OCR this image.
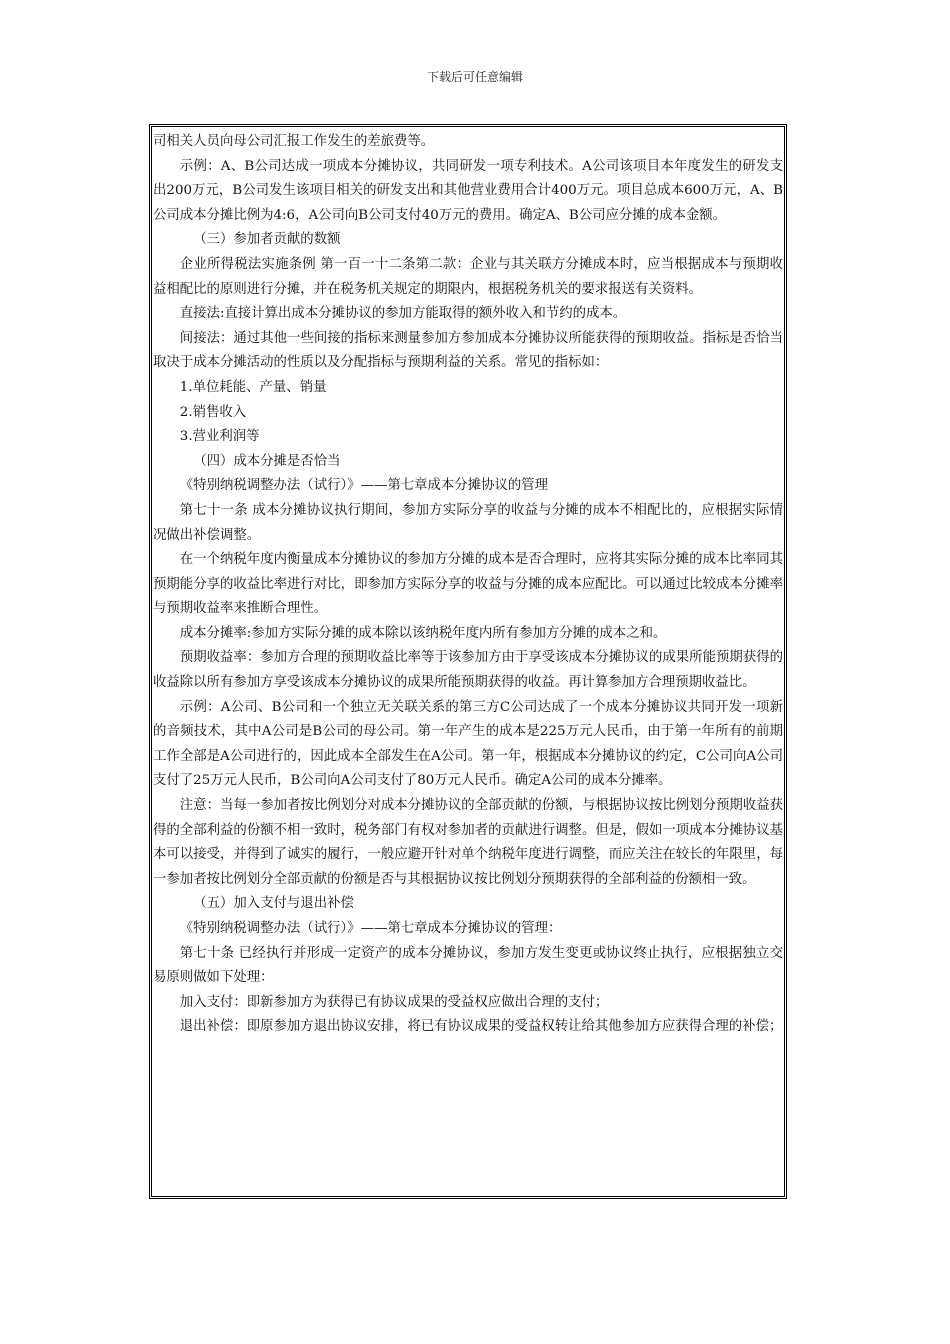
下载后可任意编辑

司相关人员向母公司汇报工作发生的差旅费等。

示例：A、B公司达成一项成本分摊协议，共同研发一项专利技术。A公司该项目本年度发生的研发支出200万元，B公司发生该项目相关的研发支出和其他营业费用合计400万元。项目总成本600万元，A、B公司成本分摊比例为4:6，A公司向B公司支付40万元的费用。确定A、B公司应分摊的成本金额。

（三）参加者贡献的数额

企业所得税法实施条例 第一百一十二条第二款：企业与其关联方分摊成本时，应当根据成本与预期收益相配比的原则进行分摊，并在税务机关规定的期限内，根据税务机关的要求报送有关资料。

直接法:直接计算出成本分摊协议的参加方能取得的额外收入和节约的成本。

间接法：通过其他一些间接的指标来测量参加方参加成本分摊协议所能获得的预期收益。指标是否恰当取决于成本分摊活动的性质以及分配指标与预期利益的关系。常见的指标如：

1.单位耗能、产量、销量

2.销售收入

3.营业利润等

（四）成本分摊是否恰当

《特别纳税调整办法（试行）》——第七章成本分摊协议的管理

第七十一条 成本分摊协议执行期间，参加方实际分享的收益与分摊的成本不相配比的，应根据实际情况做出补偿调整。

在一个纳税年度内衡量成本分摊协议的参加方分摊的成本是否合理时，应将其实际分摊的成本比率同其预期能分享的收益比率进行对比，即参加方实际分享的收益与分摊的成本应配比。可以通过比较成本分摊率与预期收益率来推断合理性。

成本分摊率:参加方实际分摊的成本除以该纳税年度内所有参加方分摊的成本之和。

预期收益率：参加方合理的预期收益比率等于该参加方由于享受该成本分摊协议的成果所能预期获得的收益除以所有参加方享受该成本分摊协议的成果所能预期获得的收益。再计算参加方合理预期收益比。

示例：A公司、B公司和一个独立无关联关系的第三方C公司达成了一个成本分摊协议共同开发一项新的音频技术，其中A公司是B公司的母公司。第一年产生的成本是225万元人民币，由于第一年所有的前期工作全部是A公司进行的，因此成本全部发生在A公司。第一年，根据成本分摊协议的约定，C公司向A公司支付了25万元人民币，B公司向A公司支付了80万元人民币。确定A公司的成本分摊率。

注意：当每一参加者按比例划分对成本分摊协议的全部贡献的份额，与根据协议按比例划分预期收益获得的全部利益的份额不相一致时，税务部门有权对参加者的贡献进行调整。但是，假如一项成本分摊协议基本可以接受，并得到了诚实的履行，一般应避开针对单个纳税年度进行调整，而应关注在较长的年限里，每一参加者按比例划分全部贡献的份额是否与其根据协议按比例划分预期获得的全部利益的份额相一致。

（五）加入支付与退出补偿

《特别纳税调整办法（试行）》——第七章成本分摊协议的管理：

第七十条 已经执行并形成一定资产的成本分摊协议，参加方发生变更或协议终止执行，应根据独立交易原则做如下处理：

加入支付：即新参加方为获得已有协议成果的受益权应做出合理的支付；

退出补偿：即原参加方退出协议安排，将已有协议成果的受益权转让给其他参加方应获得合理的补偿；
